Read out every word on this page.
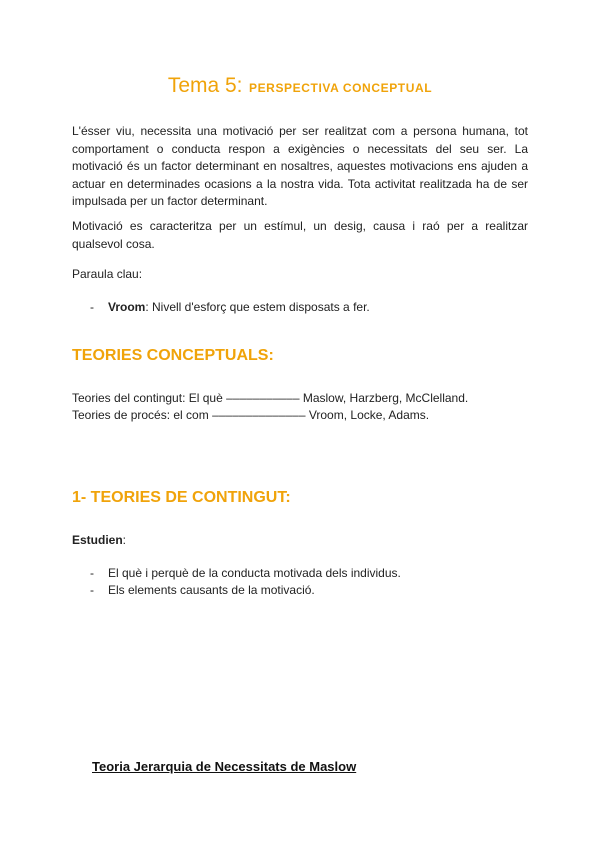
Tema 5: PERSPECTIVA CONCEPTUAL

L'ésser viu, necessita una motivació per ser realitzat com a persona humana, tot comportament o conducta respon a exigències o necessitats del seu ser. La motivació és un factor determinant en nosaltres, aquestes motivacions ens ajuden a actuar en determinades ocasions a la nostra vida. Tota activitat realitzada ha de ser impulsada per un factor determinant.

Motivació es caracteritza per un estímul, un desig, causa i raó per a realitzar qualsevol cosa.

Paraula clau:

- Vroom: Nivell d'esforç que estem disposats a fer.
TEORIES CONCEPTUALS:

Teories del contingut: El què ––––––––––– Maslow, Harzberg, McClelland.

Teories de procés: el com –––––––––––––– Vroom, Locke, Adams.

1- TEORIES DE CONTINGUT:

Estudien:

- El què i perquè de la conducta motivada dels individus.
- Els elements causants de la motivació.
Teoria Jerarquia de Necessitats de Maslow
